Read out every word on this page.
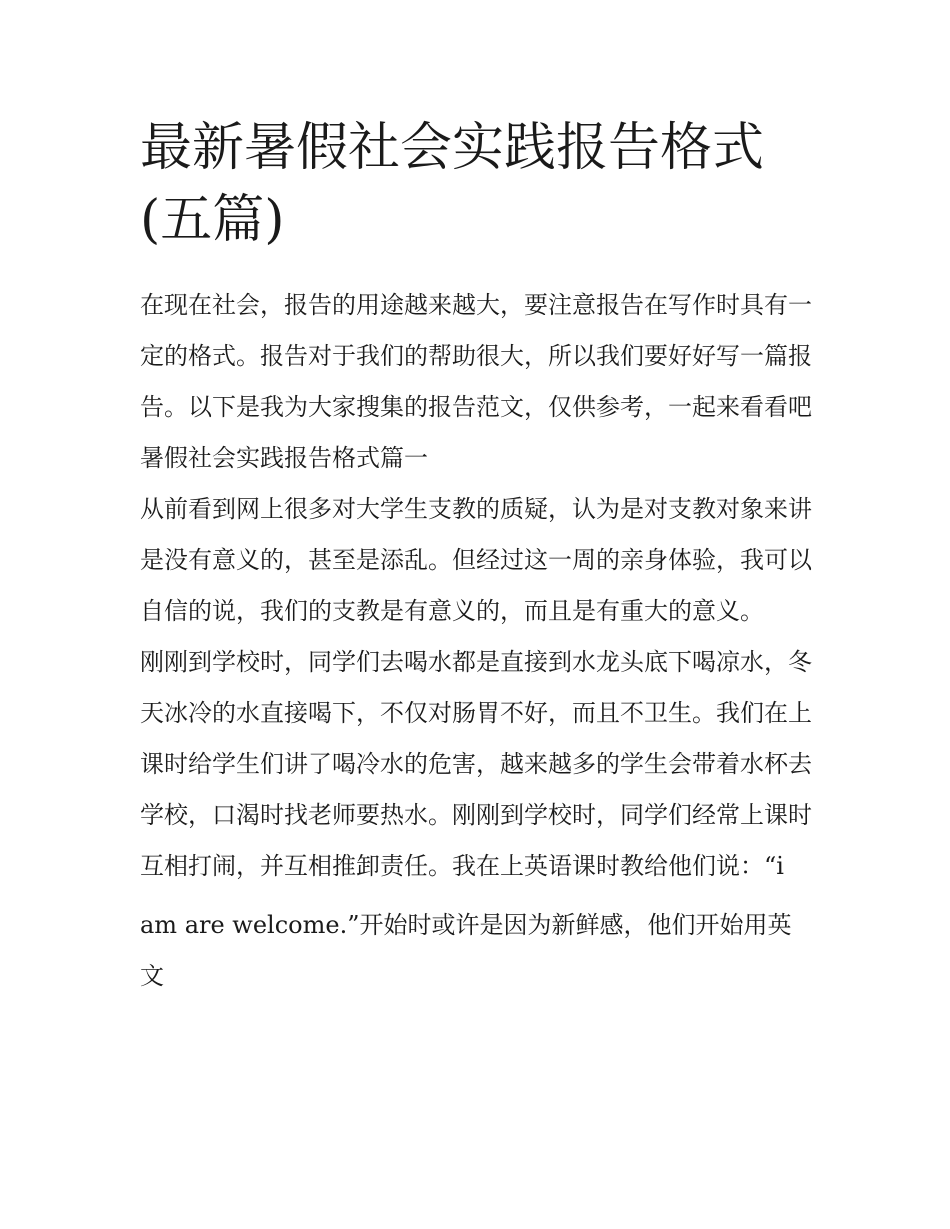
最新暑假社会实践报告格式(五篇)

在现在社会，报告的用途越来越大，要注意报告在写作时具有一定的格式。报告对于我们的帮助很大，所以我们要好好写一篇报告。以下是我为大家搜集的报告范文，仅供参考，一起来看看吧

暑假社会实践报告格式篇一

从前看到网上很多对大学生支教的质疑，认为是对支教对象来讲是没有意义的，甚至是添乱。但经过这一周的亲身体验，我可以自信的说，我们的支教是有意义的，而且是有重大的意义。

刚刚到学校时，同学们去喝水都是直接到水龙头底下喝凉水，冬天冰冷的水直接喝下，不仅对肠胃不好，而且不卫生。我们在上课时给学生们讲了喝冷水的危害，越来越多的学生会带着水杯去学校，口渴时找老师要热水。刚刚到学校时，同学们经常上课时互相打闹，并互相推卸责任。我在上英语课时教给他们说：“i

am are welcome.”开始时或许是因为新鲜感，他们开始用英文
